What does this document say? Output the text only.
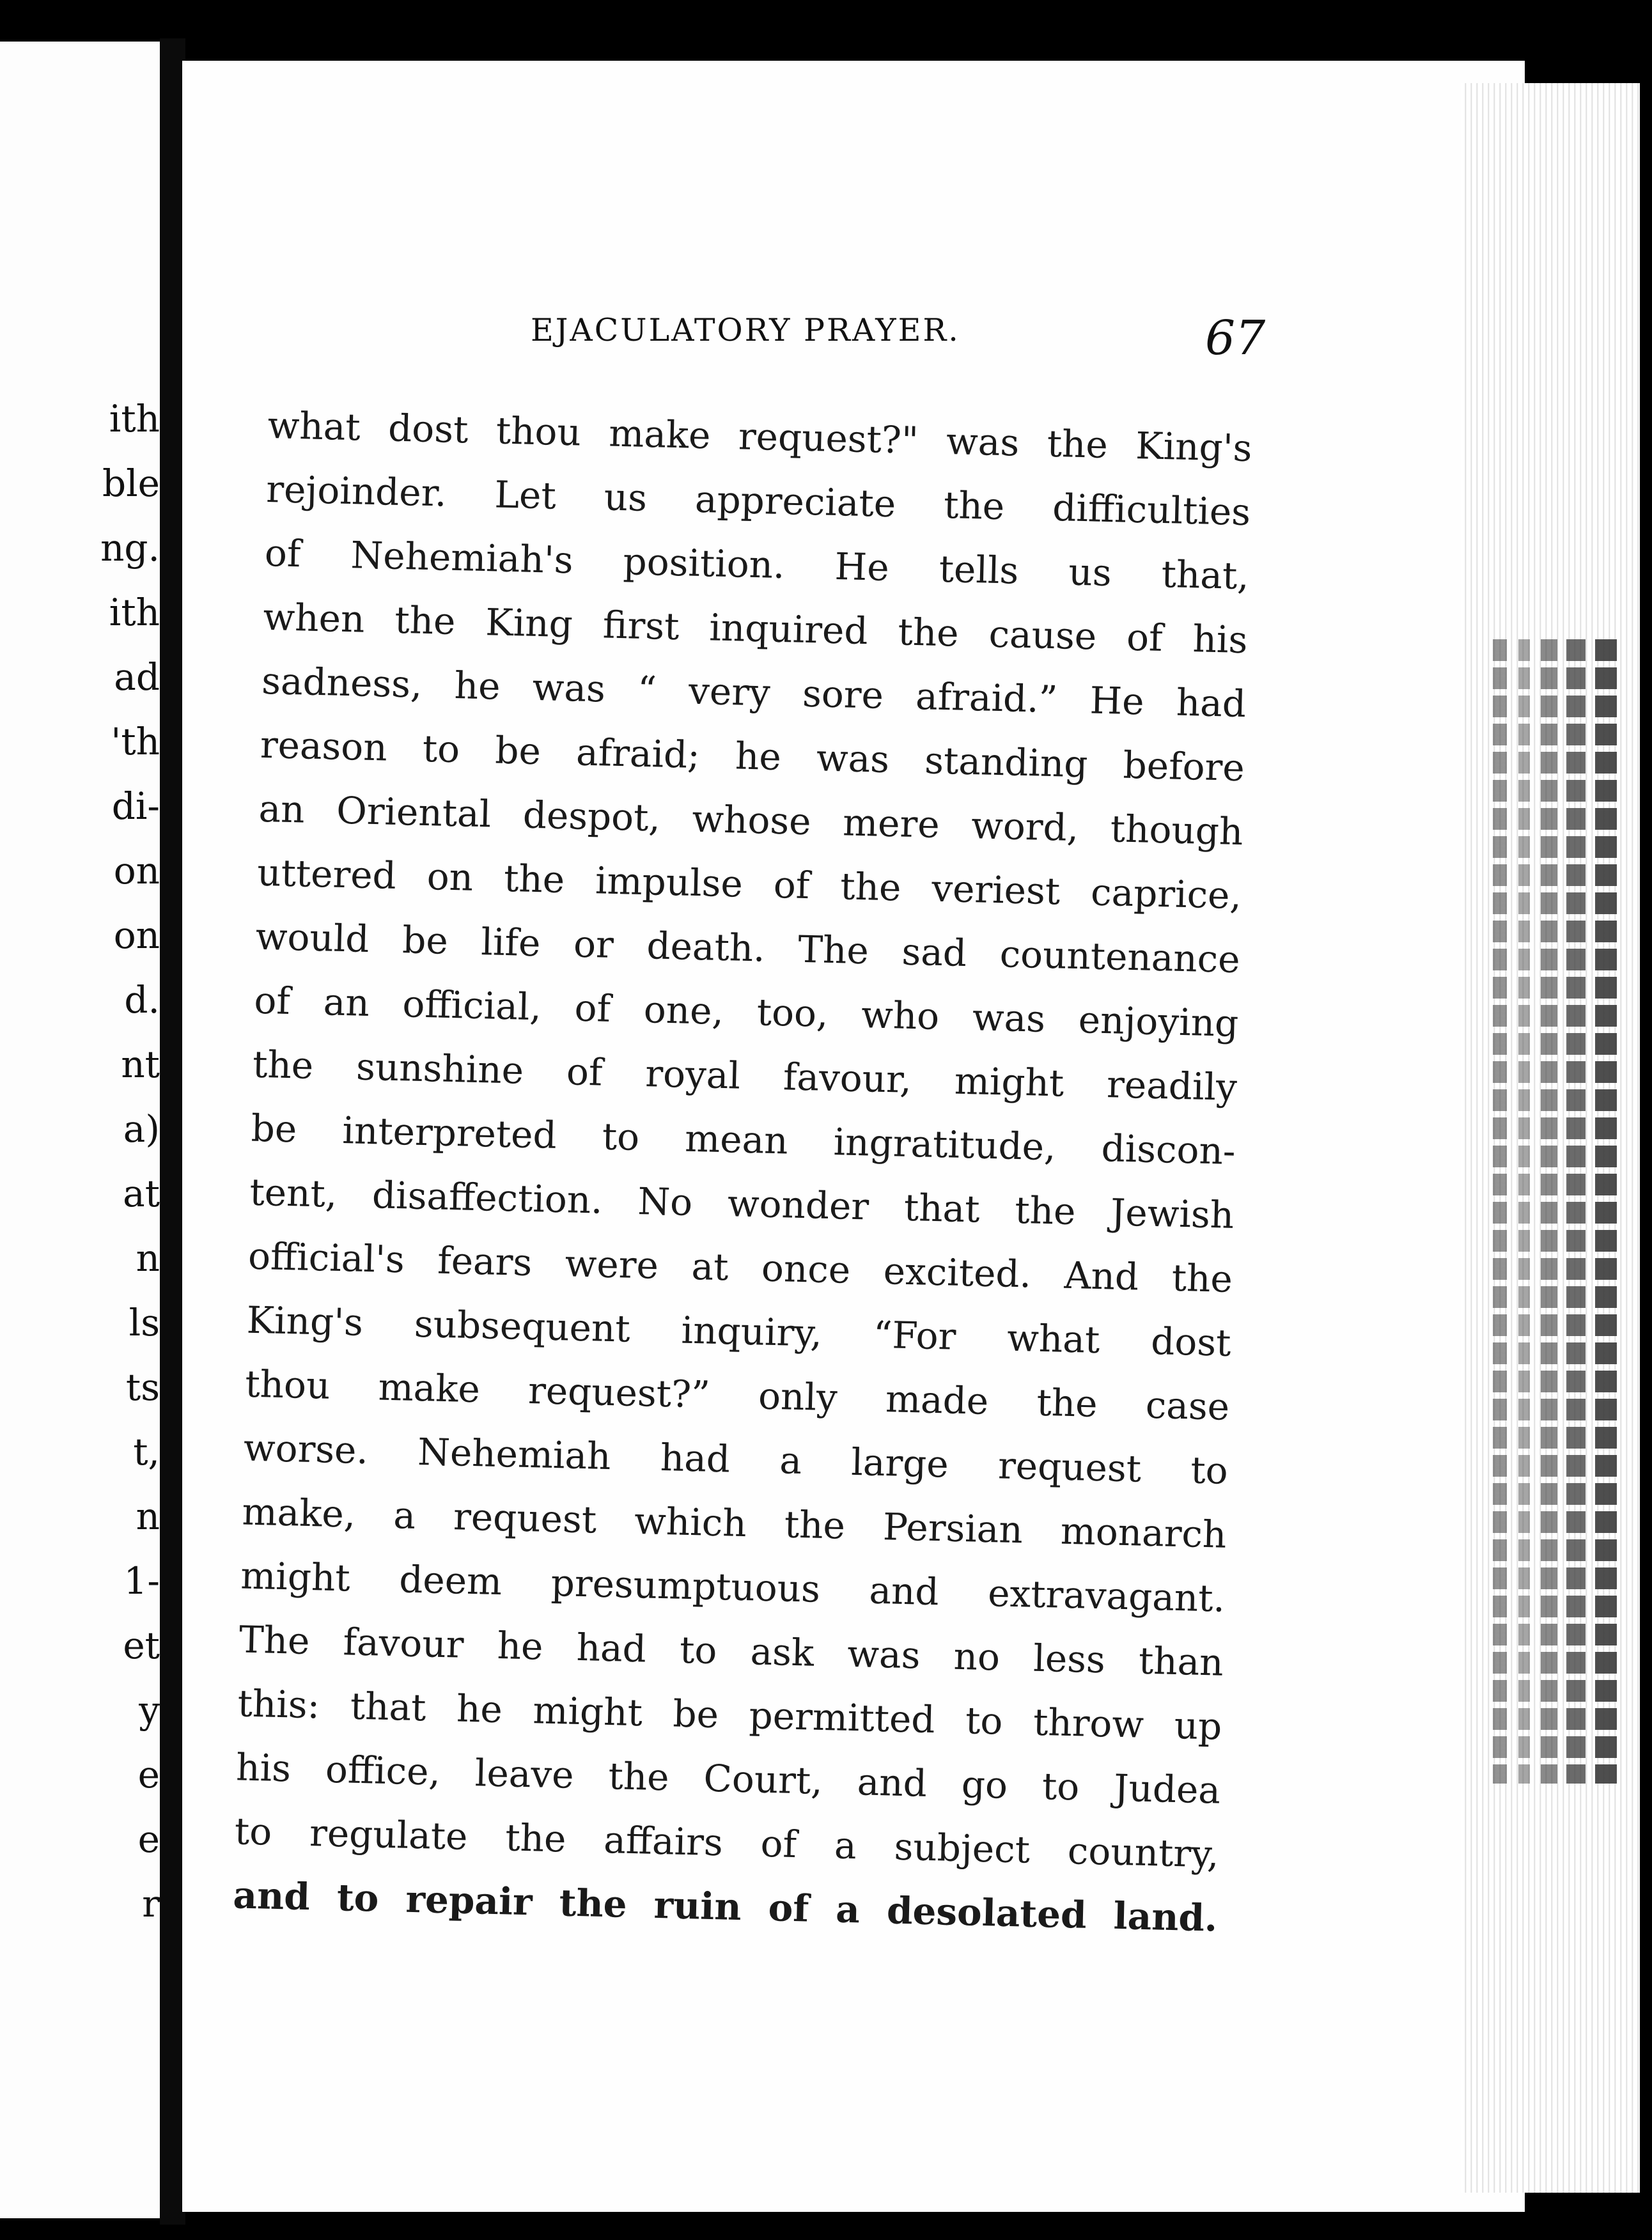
ith
ble
ng.
ith
ad
'th
di-
on
on
d.
nt
a)
at
n
ls
ts
t,
n
1-
et
y
e
e
r
EJACULATORY PRAYER.	67
what dost thou make request?" was the King's
rejoinder. Let us appreciate the difficulties
of Nehemiah's position. He tells us that,
when the King first inquired the cause of his
sadness, he was “ very sore afraid.” He had
reason to be afraid; he was standing before
an Oriental despot, whose mere word, though
uttered on the impulse of the veriest caprice,
would be life or death. The sad countenance
of an official, of one, too, who was enjoying
the sunshine of royal favour, might readily
be interpreted to mean ingratitude, discon-
tent, disaffection. No wonder that the Jewish
official's fears were at once excited. And the
King's subsequent inquiry, “For what dost
thou make request?” only made the case
worse. Nehemiah had a large request to
make, a request which the Persian monarch
might deem presumptuous and extravagant.
The favour he had to ask was no less than
this: that he might be permitted to throw up
his office, leave the Court, and go to Judea
to regulate the affairs of a subject country,
and to repair the ruin of a desolated land.
